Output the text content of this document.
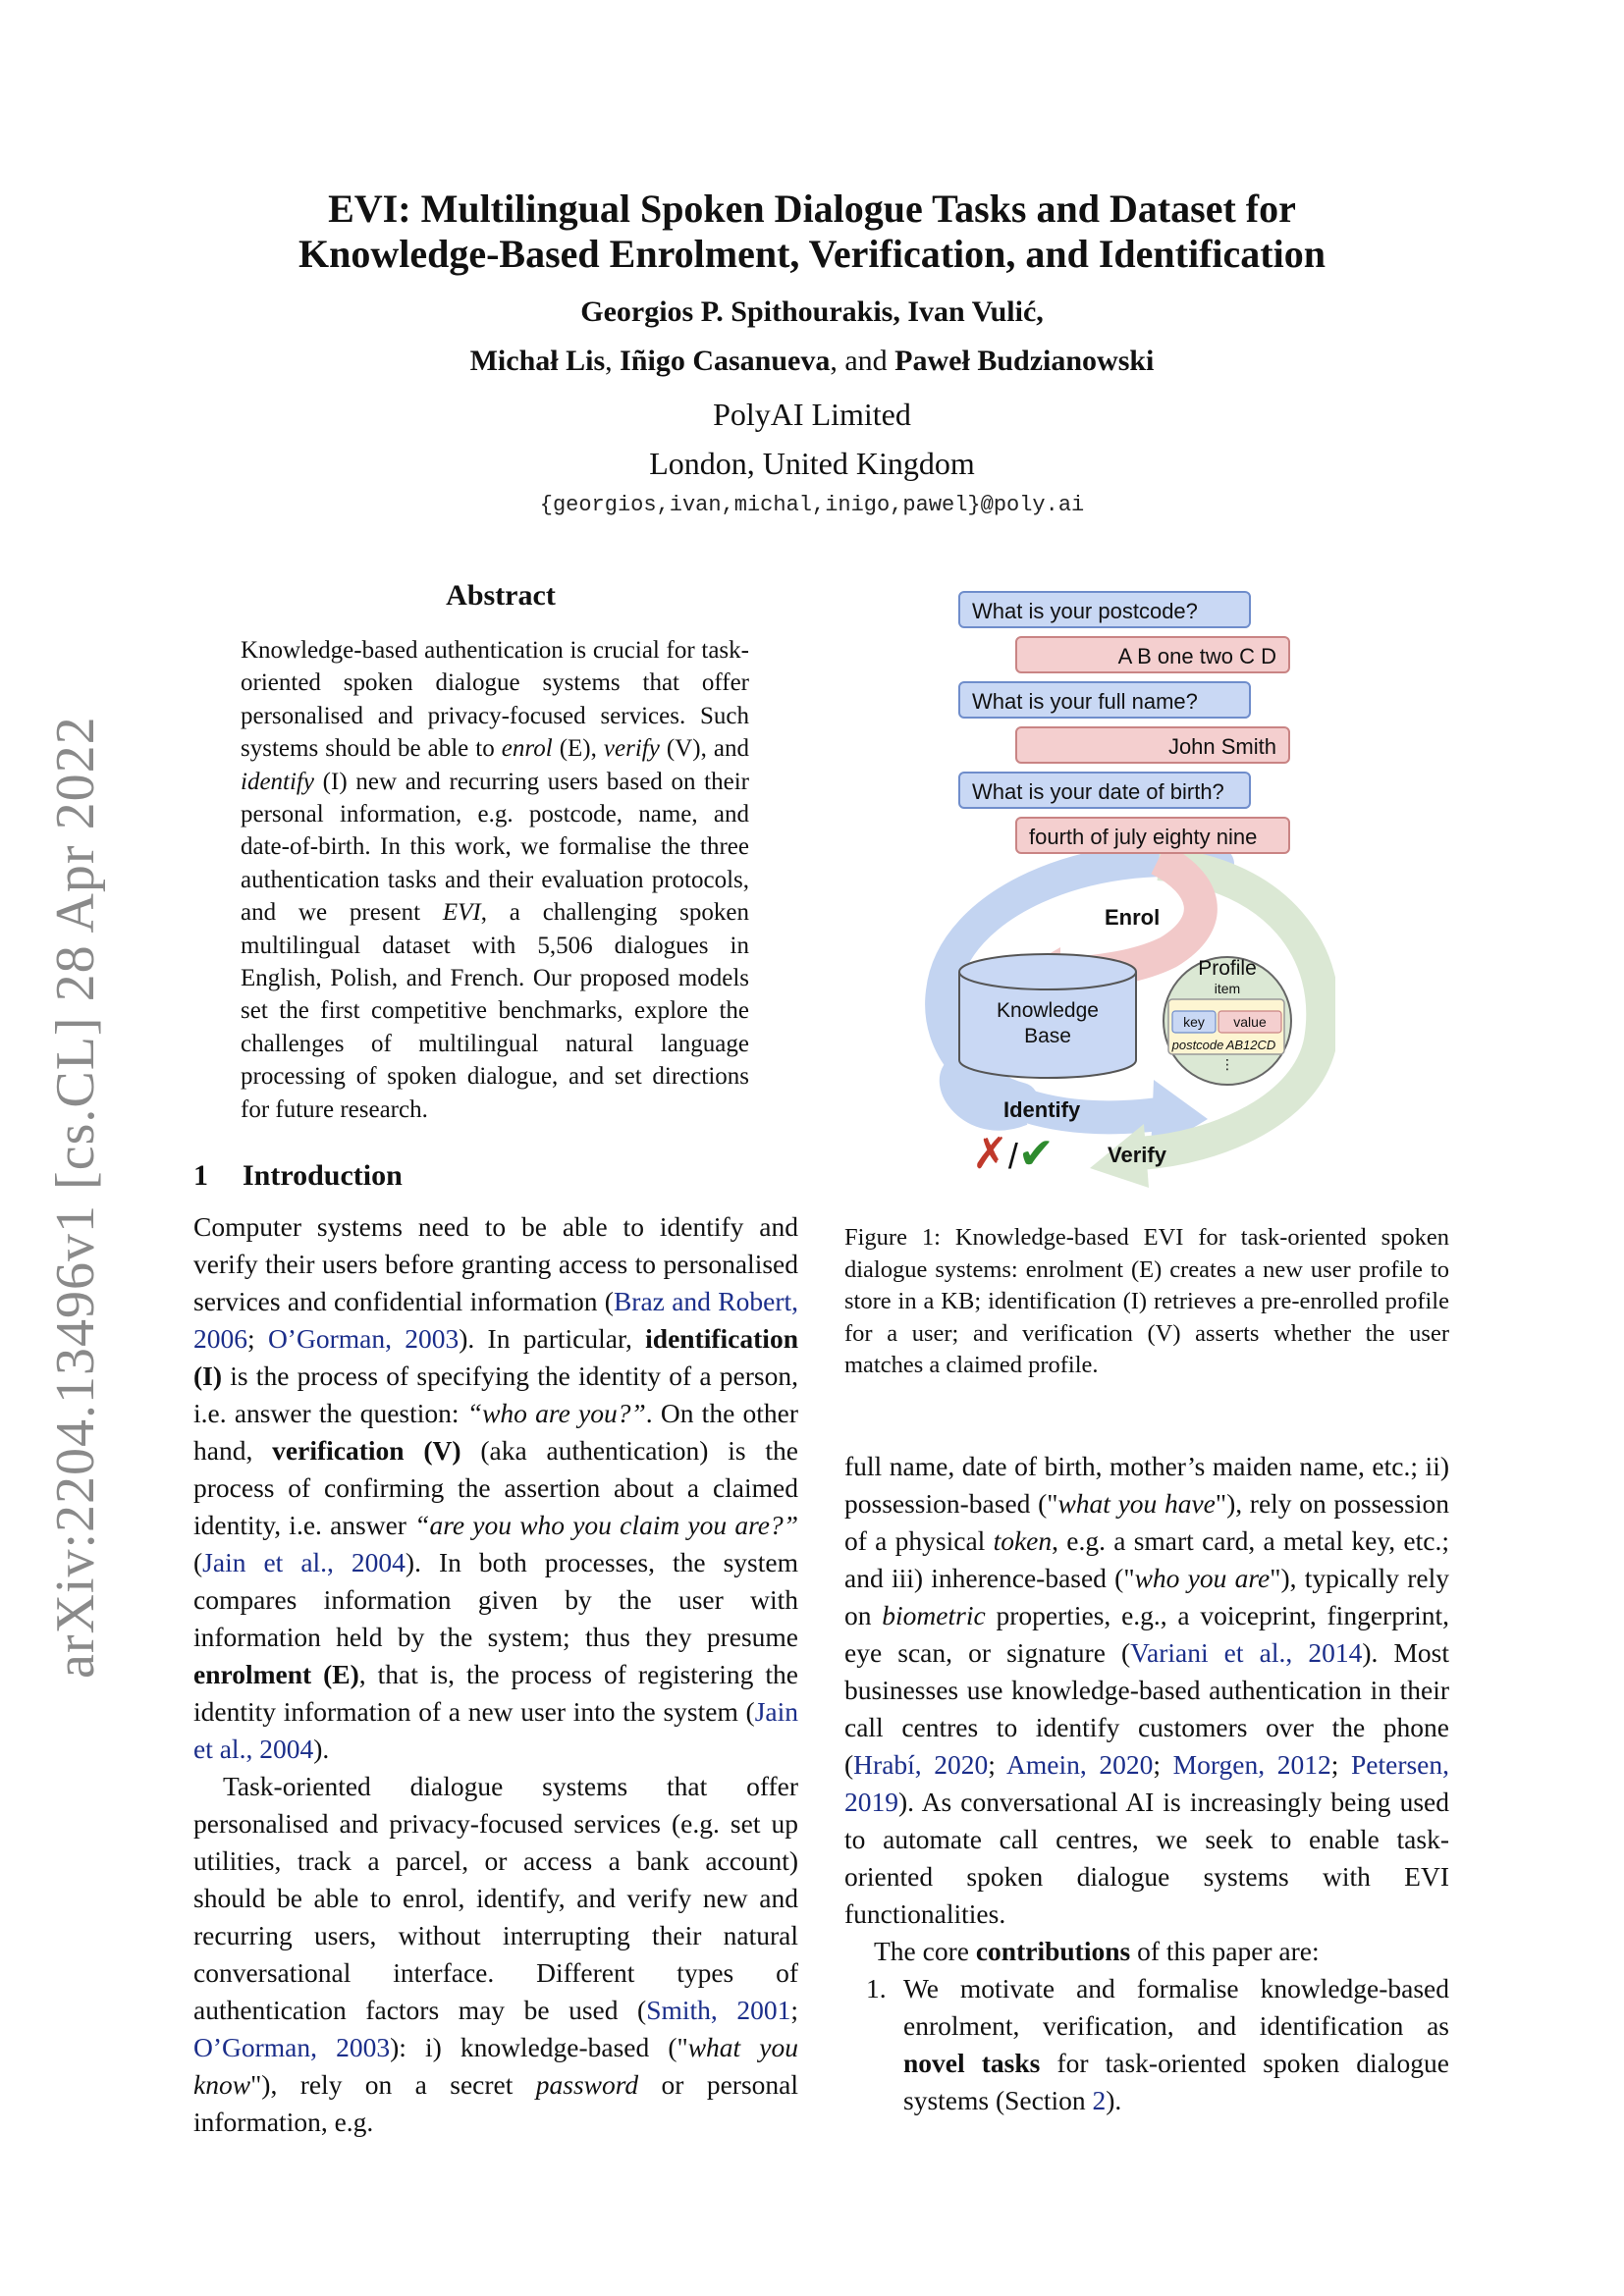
arXiv:2204.13496v1 [cs.CL] 28 Apr 2022
EVI: Multilingual Spoken Dialogue Tasks and Dataset for
Knowledge-Based Enrolment, Verification, and Identification
Georgios P. Spithourakis, Ivan Vulić,
Michał Lis, Iñigo Casanueva, and Paweł Budzianowski
PolyAI Limited
London, United Kingdom
{georgios,ivan,michal,inigo,pawel}@poly.ai
Abstract
Knowledge-based authentication is crucial for task-oriented spoken dialogue systems that offer personalised and privacy-focused services. Such systems should be able to enrol (E), verify (V), and identify (I) new and recurring users based on their personal information, e.g. postcode, name, and date-of-birth. In this work, we formalise the three authentication tasks and their evaluation protocols, and we present EVI, a challenging spoken multilingual dataset with 5,506 dialogues in English, Polish, and French. Our proposed models set the first competitive benchmarks, explore the challenges of multilingual natural language processing of spoken dialogue, and set directions for future research.
1 Introduction

Computer systems need to be able to identify and verify their users before granting access to personalised services and confidential information (Braz and Robert, 2006; O’Gorman, 2003). In particular, identification (I) is the process of specifying the identity of a person, i.e. answer the question: “who are you?”. On the other hand, verification (V) (aka authentication) is the process of confirming the assertion about a claimed identity, i.e. answer “are you who you claim you are?” (Jain et al., 2004). In both processes, the system compares information given by the user with information held by the system; thus they presume enrolment (E), that is, the process of registering the identity information of a new user into the system (Jain et al., 2004).

Task-oriented dialogue systems that offer personalised and privacy-focused services (e.g. set up utilities, track a parcel, or access a bank account) should be able to enrol, identify, and verify new and recurring users, without interrupting their natural conversational interface. Different types of authentication factors may be used (Smith, 2001; O’Gorman, 2003): i) knowledge-based ("what you know"), rely on a secret password or personal information, e.g.

What is your postcode?
A B one two C D
What is your full name?
John Smith
What is your date of birth?
fourth of july eighty nine
Enrol
Knowledge
Base
Profile
item
key	value
postcode AB12CD
⋮
Identify
✗/✔ Verify
Figure 1: Knowledge-based EVI for task-oriented spoken dialogue systems: enrolment (E) creates a new user profile to store in a KB; identification (I) retrieves a pre-enrolled profile for a user; and verification (V) asserts whether the user matches a claimed profile.

full name, date of birth, mother’s maiden name, etc.; ii) possession-based ("what you have"), rely on possession of a physical token, e.g. a smart card, a metal key, etc.; and iii) inherence-based ("who you are"), typically rely on biometric properties, e.g., a voiceprint, fingerprint, eye scan, or signature (Variani et al., 2014). Most businesses use knowledge-based authentication in their call centres to identify customers over the phone (Hrabí, 2020; Amein, 2020; Morgen, 2012; Petersen, 2019). As conversational AI is increasingly being used to automate call centres, we seek to enable task-oriented spoken dialogue systems with EVI functionalities.

The core contributions of this paper are:

1. We motivate and formalise knowledge-based enrolment, verification, and identification as novel tasks for task-oriented spoken dialogue systems (Section 2).
